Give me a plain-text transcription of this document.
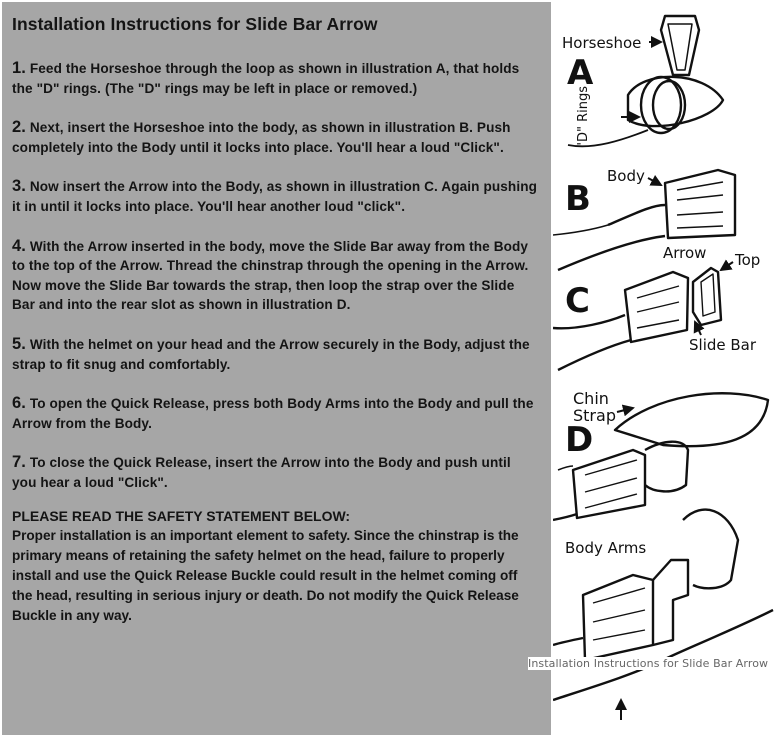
Installation Instructions for Slide Bar Arrow
1. Feed the Horseshoe through the loop as shown in illustration A, that holds the "D" rings. (The "D" rings may be left in place or removed.)
2. Next, insert the Horseshoe into the body, as shown in illustration B. Push completely into the Body until it locks into place. You'll hear a loud "Click".
3. Now insert the Arrow into the Body, as shown in illustration C. Again pushing it in until it locks into place. You'll hear another loud "click".
4. With the Arrow inserted in the body, move the Slide Bar away from the Body to the top of the Arrow. Thread the chinstrap through the opening in the Arrow. Now move the Slide Bar towards the strap, then loop the strap over the Slide Bar and into the rear slot as shown in illustration D.
5. With the helmet on your head and the Arrow securely in the Body, adjust the strap to fit snug and comfortably.
6. To open the Quick Release, press both Body Arms into the Body and pull the Arrow from the Body.
7. To close the Quick Release, insert the Arrow into the Body and push until you hear a loud "Click".
PLEASE READ THE SAFETY STATEMENT BELOW:
Proper installation is an important element to safety. Since the chinstrap is the primary means of retaining the safety helmet on the head, failure to properly install and use the Quick Release Buckle could result in the helmet coming off the head, resulting in serious injury or death. Do not modify the Quick Release Buckle in any way.
Horseshoe
A
"D" Rings
Body
B
Arrow Top
C
Slide Bar
Chin
Strap
D
Body Arms
Installation Instructions for Slide Bar Arrow
